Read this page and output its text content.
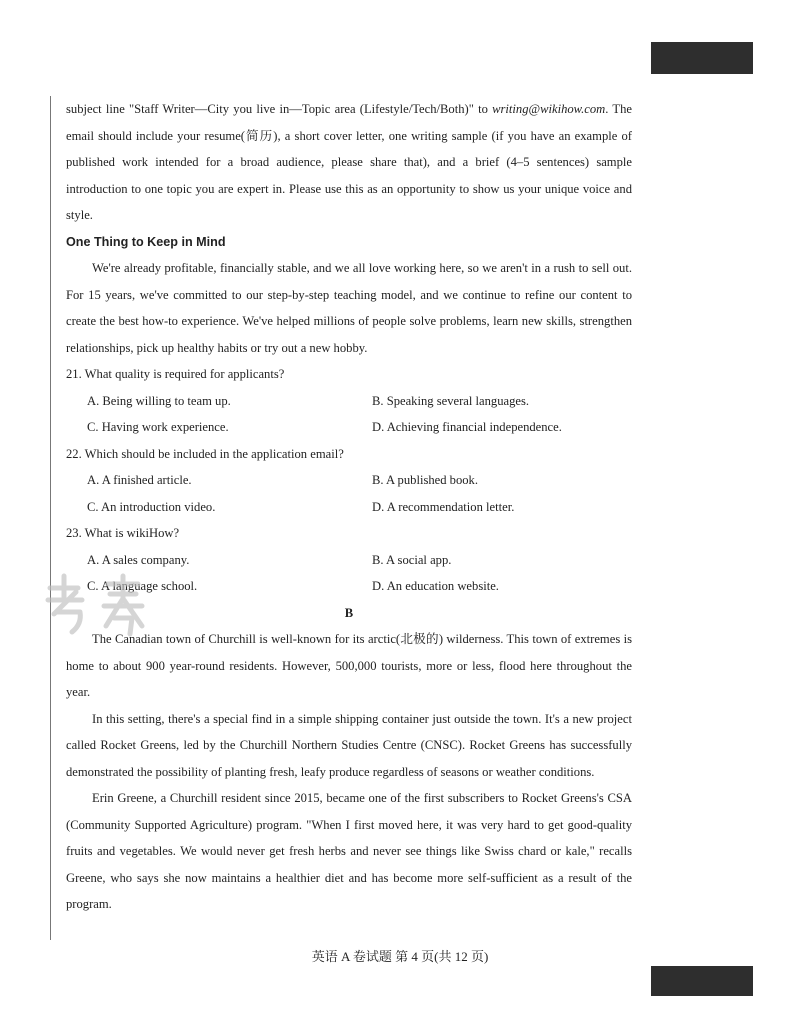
subject line "Staff Writer—City you live in—Topic area (Lifestyle/Tech/Both)" to writing@wikihow.com. The email should include your resume(简历), a short cover letter, one writing sample (if you have an example of published work intended for a broad audience, please share that), and a brief (4–5 sentences) sample introduction to one topic you are expert in. Please use this as an opportunity to show us your unique voice and style.

One Thing to Keep in Mind

We're already profitable, financially stable, and we all love working here, so we aren't in a rush to sell out. For 15 years, we've committed to our step-by-step teaching model, and we continue to refine our content to create the best how-to experience. We've helped millions of people solve problems, learn new skills, strengthen relationships, pick up healthy habits or try out a new hobby.

21. What quality is required for applicants?
A. Being willing to team up.	B. Speaking several languages.
C. Having work experience.	D. Achieving financial independence.
22. Which should be included in the application email?
A. A finished article.	B. A published book.
C. An introduction video.	D. A recommendation letter.
23. What is wikiHow?
A. A sales company.	B. A social app.
C. A language school.	D. An education website.
B

The Canadian town of Churchill is well-known for its arctic(北极的) wilderness. This town of extremes is home to about 900 year-round residents. However, 500,000 tourists, more or less, flood here throughout the year.

In this setting, there's a special find in a simple shipping container just outside the town. It's a new project called Rocket Greens, led by the Churchill Northern Studies Centre (CNSC). Rocket Greens has successfully demonstrated the possibility of planting fresh, leafy produce regardless of seasons or weather conditions.

Erin Greene, a Churchill resident since 2015, became one of the first subscribers to Rocket Greens's CSA (Community Supported Agriculture) program. "When I first moved here, it was very hard to get good-quality fruits and vegetables. We would never get fresh herbs and never see things like Swiss chard or kale," recalls Greene, who says she now maintains a healthier diet and has become more self-sufficient as a result of the program.

英语 A 卷试题 第 4 页(共 12 页)
